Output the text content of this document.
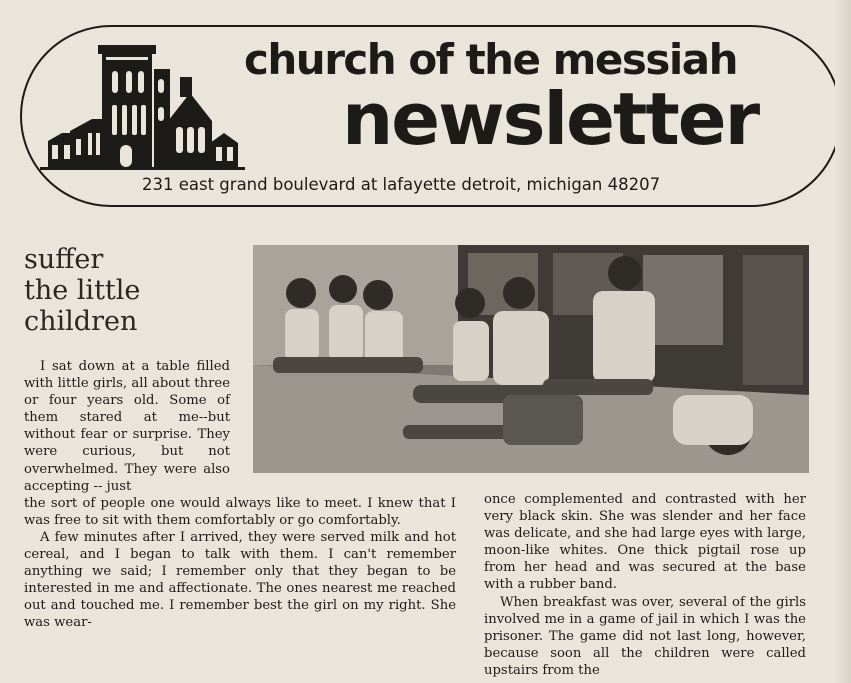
church of the messiah
newsletter
231 east grand boulevard at lafayette detroit, michigan 48207
suffer
the little
children

I sat down at a table filled with little girls, all about three or four years old. Some of them stared at me--but without fear or surprise. They were curious, but not overwhelmed. They were also accepting -- just

the sort of people one would always like to meet. I knew that I was free to sit with them comfortably or go comfortably.

A few minutes after I arrived, they were served milk and hot cereal, and I began to talk with them. I can't remember anything we said; I remember only that they began to be interested in me and affectionate. The ones nearest me reached out and touched me. I remember best the girl on my right. She was wear-

once complemented and contrasted with her very black skin. She was slender and her face was delicate, and she had large eyes with large, moon-like whites. One thick pigtail rose up from her head and was secured at the base with a rubber band.

When breakfast was over, several of the girls involved me in a game of jail in which I was the prisoner. The game did not last long, however, because soon all the children were called upstairs from the
